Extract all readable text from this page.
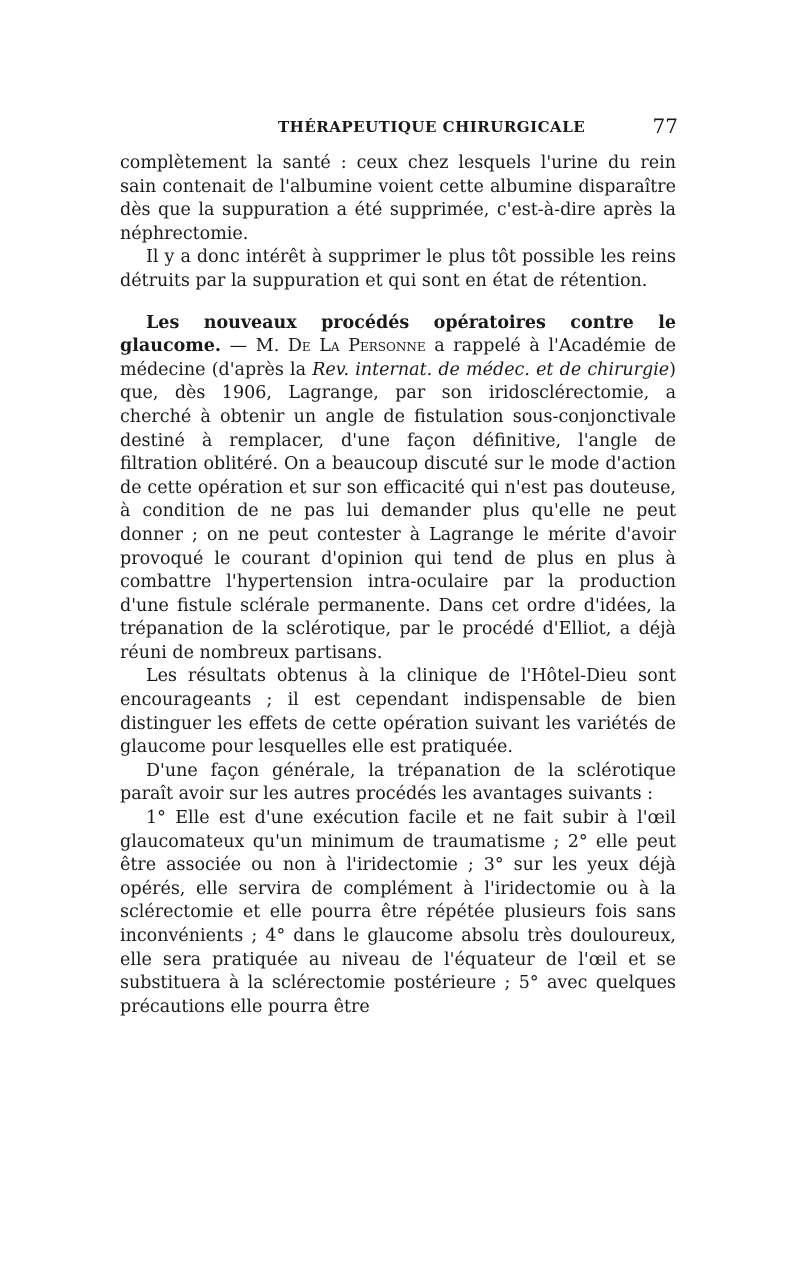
THÉRAPEUTIQUE CHIRURGICALE	77

complètement la santé : ceux chez lesquels l'urine du rein sain contenait de l'albumine voient cette albumine disparaître dès que la suppuration a été supprimée, c'est-à-dire après la néphrectomie.

Il y a donc intérêt à supprimer le plus tôt possible les reins détruits par la suppuration et qui sont en état de rétention.

Les nouveaux procédés opératoires contre le glaucome. — M. De La Personne a rappelé à l'Académie de médecine (d'après la Rev. internat. de médec. et de chirurgie) que, dès 1906, Lagrange, par son iridosclérectomie, a cherché à obtenir un angle de fistulation sous-conjonctivale destiné à remplacer, d'une façon définitive, l'angle de filtration oblitéré. On a beaucoup discuté sur le mode d'action de cette opération et sur son efficacité qui n'est pas douteuse, à condition de ne pas lui demander plus qu'elle ne peut donner ; on ne peut contester à Lagrange le mérite d'avoir provoqué le courant d'opinion qui tend de plus en plus à combattre l'hypertension intra-oculaire par la production d'une fistule sclérale permanente. Dans cet ordre d'idées, la trépanation de la sclérotique, par le procédé d'Elliot, a déjà réuni de nombreux partisans.

Les résultats obtenus à la clinique de l'Hôtel-Dieu sont encourageants ; il est cependant indispensable de bien distinguer les effets de cette opération suivant les variétés de glaucome pour lesquelles elle est pratiquée.

D'une façon générale, la trépanation de la sclérotique paraît avoir sur les autres procédés les avantages suivants :

1° Elle est d'une exécution facile et ne fait subir à l'œil glaucomateux qu'un minimum de traumatisme ; 2° elle peut être associée ou non à l'iridectomie ; 3° sur les yeux déjà opérés, elle servira de complément à l'iridectomie ou à la sclérectomie et elle pourra être répétée plusieurs fois sans inconvénients ; 4° dans le glaucome absolu très douloureux, elle sera pratiquée au niveau de l'équateur de l'œil et se substituera à la sclérectomie postérieure ; 5° avec quelques précautions elle pourra être
